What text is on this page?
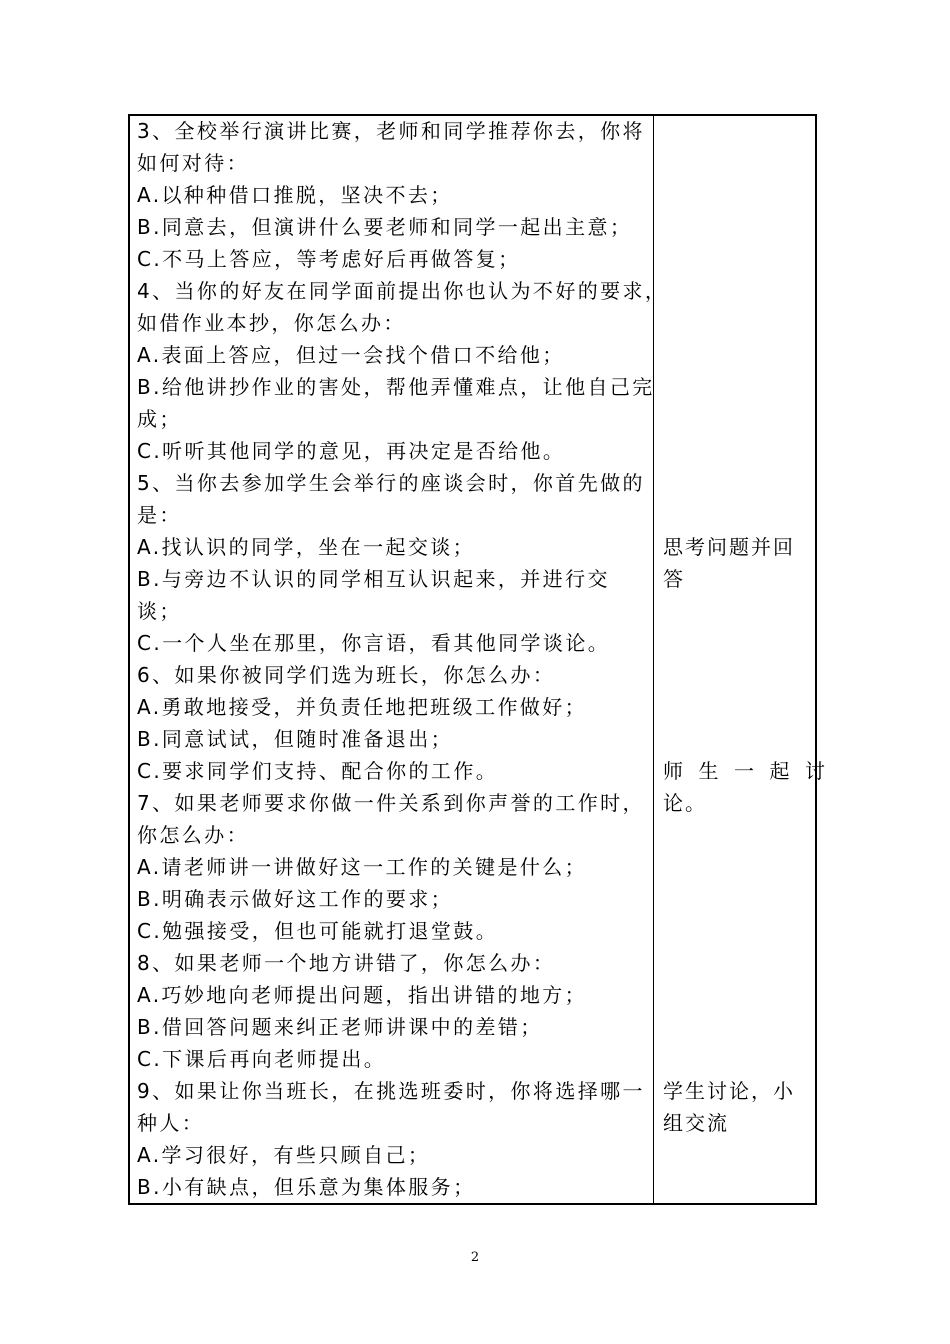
3、全校举行演讲比赛，老师和同学推荐你去，你将
如何对待：
A.以种种借口推脱，坚决不去；
B.同意去，但演讲什么要老师和同学一起出主意；
C.不马上答应，等考虑好后再做答复；
4、当你的好友在同学面前提出你也认为不好的要求，
如借作业本抄，你怎么办：
A.表面上答应，但过一会找个借口不给他；
B.给他讲抄作业的害处，帮他弄懂难点，让他自己完
成；
C.听听其他同学的意见，再决定是否给他。
5、当你去参加学生会举行的座谈会时，你首先做的
是：
A.找认识的同学，坐在一起交谈；
B.与旁边不认识的同学相互认识起来，并进行交
谈；
C.一个人坐在那里，你言语，看其他同学谈论。
6、如果你被同学们选为班长，你怎么办：
A.勇敢地接受，并负责任地把班级工作做好；
B.同意试试，但随时准备退出；
C.要求同学们支持、配合你的工作。
7、如果老师要求你做一件关系到你声誉的工作时，
你怎么办：
A.请老师讲一讲做好这一工作的关键是什么；
B.明确表示做好这工作的要求；
C.勉强接受，但也可能就打退堂鼓。
8、如果老师一个地方讲错了，你怎么办：
A.巧妙地向老师提出问题，指出讲错的地方；
B.借回答问题来纠正老师讲课中的差错；
C.下课后再向老师提出。
9、如果让你当班长，在挑选班委时，你将选择哪一
种人：
A.学习很好，有些只顾自己；
B.小有缺点，但乐意为集体服务；
思考问题并回
答
师生一起讨
论。
学生讨论，小
组交流
2
